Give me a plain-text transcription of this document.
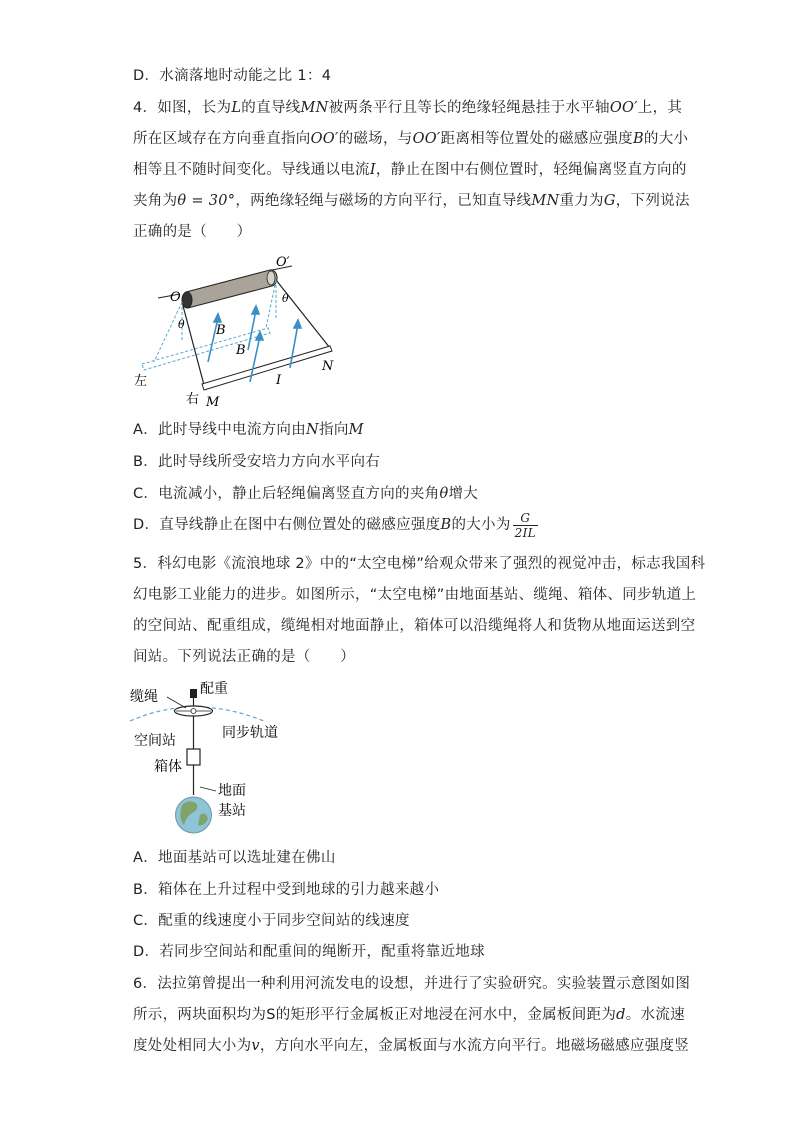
D．水滴落地时动能之比 1：4
4．如图，长为L的直导线MN被两条平行且等长的绝缘轻绳悬挂于水平轴OO′上，其
所在区域存在方向垂直指向OO′的磁场，与OO′距离相等位置处的磁感应强度B的大小
相等且不随时间变化。导线通以电流I，静止在图中右侧位置时，轻绳偏离竖直方向的
夹角为θ = 30°，两绝缘轻绳与磁场的方向平行，已知直导线MN重力为G，下列说法
正确的是（　　）
O
O′
θ
θ
B
B
I
N
M
左
右
A．此时导线中电流方向由N指向M
B．此时导线所受安培力方向水平向右
C．电流减小，静止后轻绳偏离竖直方向的夹角θ增大
D．直导线静止在图中右侧位置处的磁感应强度B的大小为 $\frac{G}{2IL}$
5．科幻电影《流浪地球 2》中的“太空电梯”给观众带来了强烈的视觉冲击，标志我国科
幻电影工业能力的进步。如图所示，“太空电梯”由地面基站、缆绳、箱体、同步轨道上
的空间站、配重组成，缆绳相对地面静止，箱体可以沿缆绳将人和货物从地面运送到空
间站。下列说法正确的是（　　）
缆绳	配重
空间站	同步轨道
箱体
地面
基站
A．地面基站可以选址建在佛山
B．箱体在上升过程中受到地球的引力越来越小
C．配重的线速度小于同步空间站的线速度
D．若同步空间站和配重间的绳断开，配重将靠近地球
6．法拉第曾提出一种利用河流发电的设想，并进行了实验研究。实验装置示意图如图
所示，两块面积均为S的矩形平行金属板正对地浸在河水中，金属板间距为d。水流速
度处处相同大小为v，方向水平向左，金属板面与水流方向平行。地磁场磁感应强度竖
